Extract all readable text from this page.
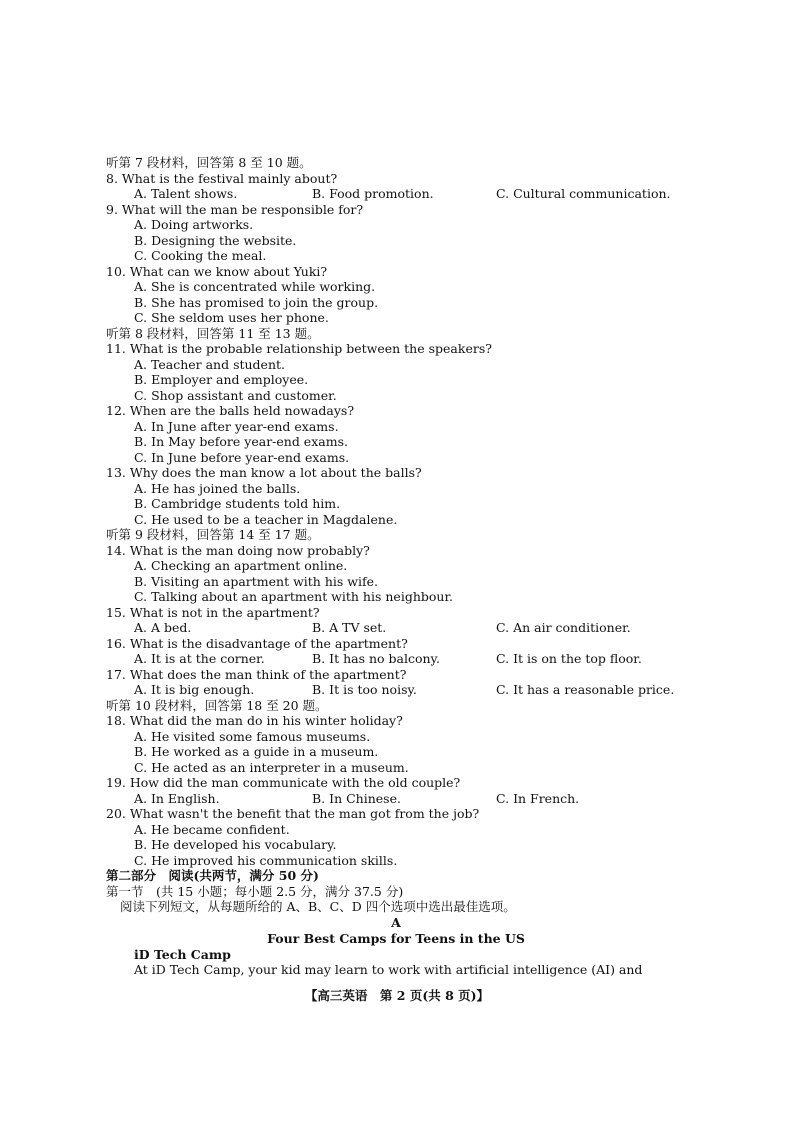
听第 7 段材料，回答第 8 至 10 题。
8. What is the festival mainly about?
A. Talent shows.	B. Food promotion.	C. Cultural communication.
9. What will the man be responsible for?
A. Doing artworks.
B. Designing the website.
C. Cooking the meal.
10. What can we know about Yuki?
A. She is concentrated while working.
B. She has promised to join the group.
C. She seldom uses her phone.
听第 8 段材料，回答第 11 至 13 题。
11. What is the probable relationship between the speakers?
A. Teacher and student.
B. Employer and employee.
C. Shop assistant and customer.
12. When are the balls held nowadays?
A. In June after year-end exams.
B. In May before year-end exams.
C. In June before year-end exams.
13. Why does the man know a lot about the balls?
A. He has joined the balls.
B. Cambridge students told him.
C. He used to be a teacher in Magdalene.
听第 9 段材料，回答第 14 至 17 题。
14. What is the man doing now probably?
A. Checking an apartment online.
B. Visiting an apartment with his wife.
C. Talking about an apartment with his neighbour.
15. What is not in the apartment?
A. A bed.	B. A TV set.	C. An air conditioner.
16. What is the disadvantage of the apartment?
A. It is at the corner.	B. It has no balcony.	C. It is on the top floor.
17. What does the man think of the apartment?
A. It is big enough.	B. It is too noisy.	C. It has a reasonable price.
听第 10 段材料，回答第 18 至 20 题。
18. What did the man do in his winter holiday?
A. He visited some famous museums.
B. He worked as a guide in a museum.
C. He acted as an interpreter in a museum.
19. How did the man communicate with the old couple?
A. In English.	B. In Chinese.	C. In French.
20. What wasn't the benefit that the man got from the job?
A. He became confident.
B. He developed his vocabulary.
C. He improved his communication skills.
第二部分　阅读(共两节，满分 50 分)
第一节　(共 15 小题；每小题 2.5 分，满分 37.5 分)
阅读下列短文，从每题所给的 A、B、C、D 四个选项中选出最佳选项。
A
Four Best Camps for Teens in the US
iD Tech Camp
At iD Tech Camp, your kid may learn to work with artificial intelligence (AI) and
【高三英语　第 2 页(共 8 页)】
